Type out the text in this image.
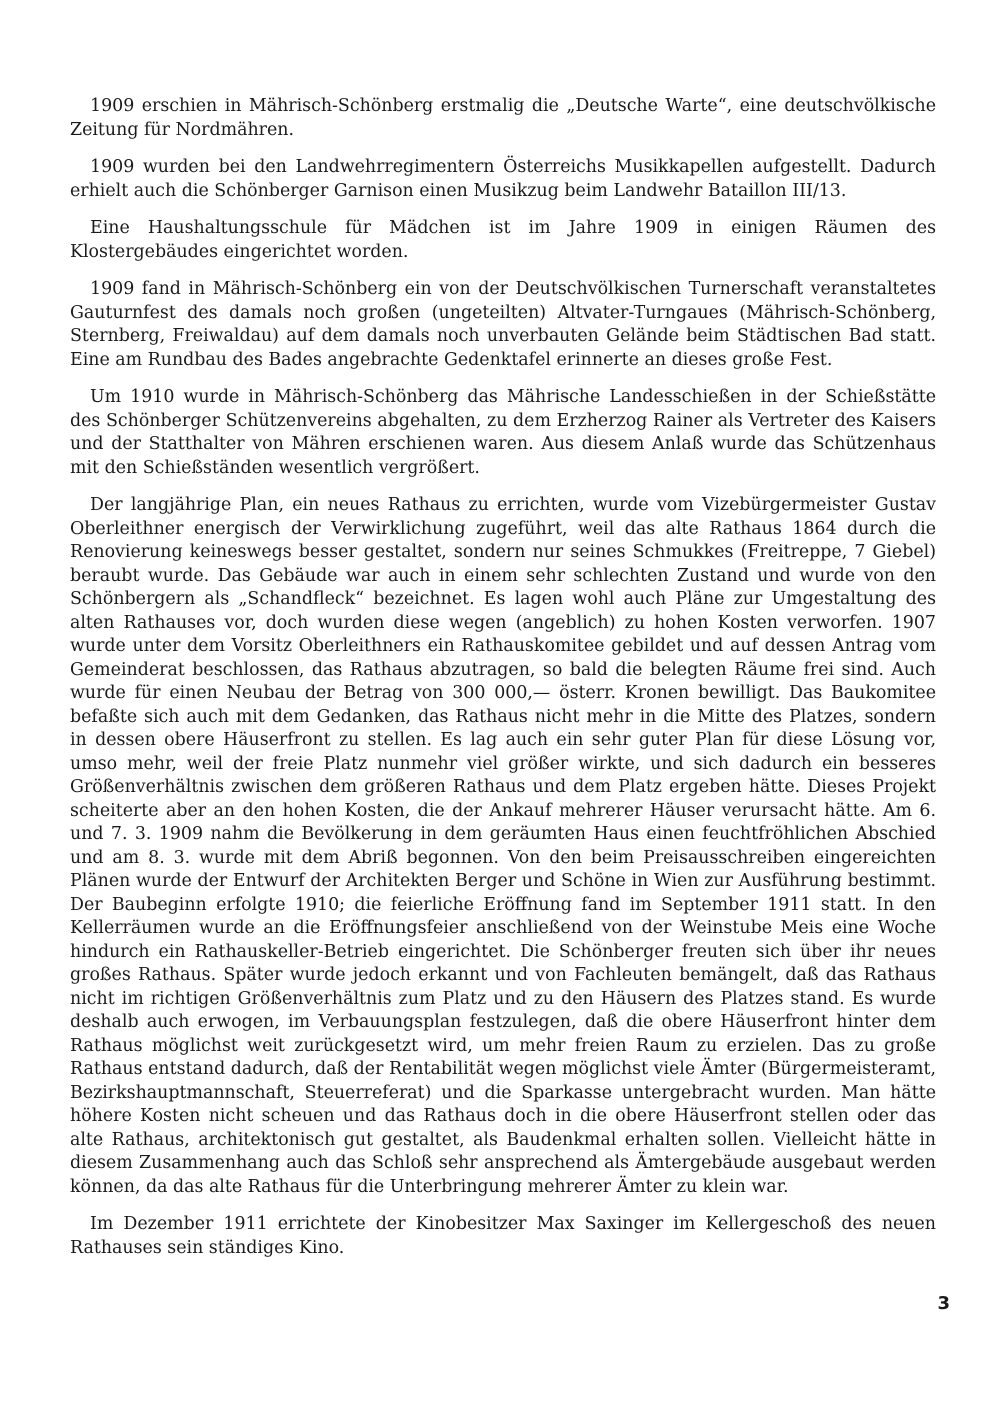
1909 erschien in Mährisch-Schönberg erstmalig die „Deutsche Warte“, eine deutschvölkische Zeitung für Nordmähren.

1909 wurden bei den Landwehrregimentern Österreichs Musikkapellen aufgestellt. Dadurch erhielt auch die Schönberger Garnison einen Musikzug beim Landwehr Bataillon III/13.

Eine Haushaltungsschule für Mädchen ist im Jahre 1909 in einigen Räumen des Klostergebäudes eingerichtet worden.

1909 fand in Mährisch-Schönberg ein von der Deutschvölkischen Turnerschaft veranstaltetes Gauturnfest des damals noch großen (ungeteilten) Altvater-Turngaues (Mährisch-Schönberg, Sternberg, Freiwaldau) auf dem damals noch unverbauten Gelände beim Städtischen Bad statt. Eine am Rundbau des Bades angebrachte Gedenktafel erinnerte an dieses große Fest.

Um 1910 wurde in Mährisch-Schönberg das Mährische Landesschießen in der Schießstätte des Schönberger Schützenvereins abgehalten, zu dem Erzherzog Rainer als Vertreter des Kaisers und der Statthalter von Mähren erschienen waren. Aus diesem Anlaß wurde das Schützenhaus mit den Schießständen wesentlich vergrößert.

Der langjährige Plan, ein neues Rathaus zu errichten, wurde vom Vizebürgermeister Gustav Oberleithner energisch der Verwirklichung zugeführt, weil das alte Rathaus 1864 durch die Renovierung keineswegs besser gestaltet, sondern nur seines Schmukkes (Freitreppe, 7 Giebel) beraubt wurde. Das Gebäude war auch in einem sehr schlechten Zustand und wurde von den Schönbergern als „Schandfleck“ bezeichnet. Es lagen wohl auch Pläne zur Umgestaltung des alten Rathauses vor, doch wurden diese wegen (angeblich) zu hohen Kosten verworfen. 1907 wurde unter dem Vorsitz Oberleithners ein Rathauskomitee gebildet und auf dessen Antrag vom Gemeinderat beschlossen, das Rathaus abzutragen, so bald die belegten Räume frei sind. Auch wurde für einen Neubau der Betrag von 300 000,— österr. Kronen bewilligt. Das Baukomitee befaßte sich auch mit dem Gedanken, das Rathaus nicht mehr in die Mitte des Platzes, sondern in dessen obere Häuserfront zu stellen. Es lag auch ein sehr guter Plan für diese Lösung vor, umso mehr, weil der freie Platz nunmehr viel größer wirkte, und sich dadurch ein besseres Größenverhältnis zwischen dem größeren Rathaus und dem Platz ergeben hätte. Dieses Projekt scheiterte aber an den hohen Kosten, die der Ankauf mehrerer Häuser verursacht hätte. Am 6. und 7. 3. 1909 nahm die Bevölkerung in dem geräumten Haus einen feuchtfröhlichen Abschied und am 8. 3. wurde mit dem Abriß begonnen. Von den beim Preisausschreiben eingereichten Plänen wurde der Entwurf der Architekten Berger und Schöne in Wien zur Ausführung bestimmt. Der Baubeginn erfolgte 1910; die feierliche Eröffnung fand im September 1911 statt. In den Kellerräumen wurde an die Eröffnungsfeier anschließend von der Weinstube Meis eine Woche hindurch ein Rathauskeller-Betrieb eingerichtet. Die Schönberger freuten sich über ihr neues großes Rathaus. Später wurde jedoch erkannt und von Fachleuten bemängelt, daß das Rathaus nicht im richtigen Größenverhältnis zum Platz und zu den Häusern des Platzes stand. Es wurde deshalb auch erwogen, im Verbauungsplan festzulegen, daß die obere Häuserfront hinter dem Rathaus möglichst weit zurückgesetzt wird, um mehr freien Raum zu erzielen. Das zu große Rathaus entstand dadurch, daß der Rentabilität wegen möglichst viele Ämter (Bürgermeisteramt, Bezirkshauptmannschaft, Steuerreferat) und die Sparkasse untergebracht wurden. Man hätte höhere Kosten nicht scheuen und das Rathaus doch in die obere Häuserfront stellen oder das alte Rathaus, architektonisch gut gestaltet, als Baudenkmal erhalten sollen. Vielleicht hätte in diesem Zusammenhang auch das Schloß sehr ansprechend als Ämtergebäude ausgebaut werden können, da das alte Rathaus für die Unterbringung mehrerer Ämter zu klein war.

Im Dezember 1911 errichtete der Kinobesitzer Max Saxinger im Kellergeschoß des neuen Rathauses sein ständiges Kino.

3
